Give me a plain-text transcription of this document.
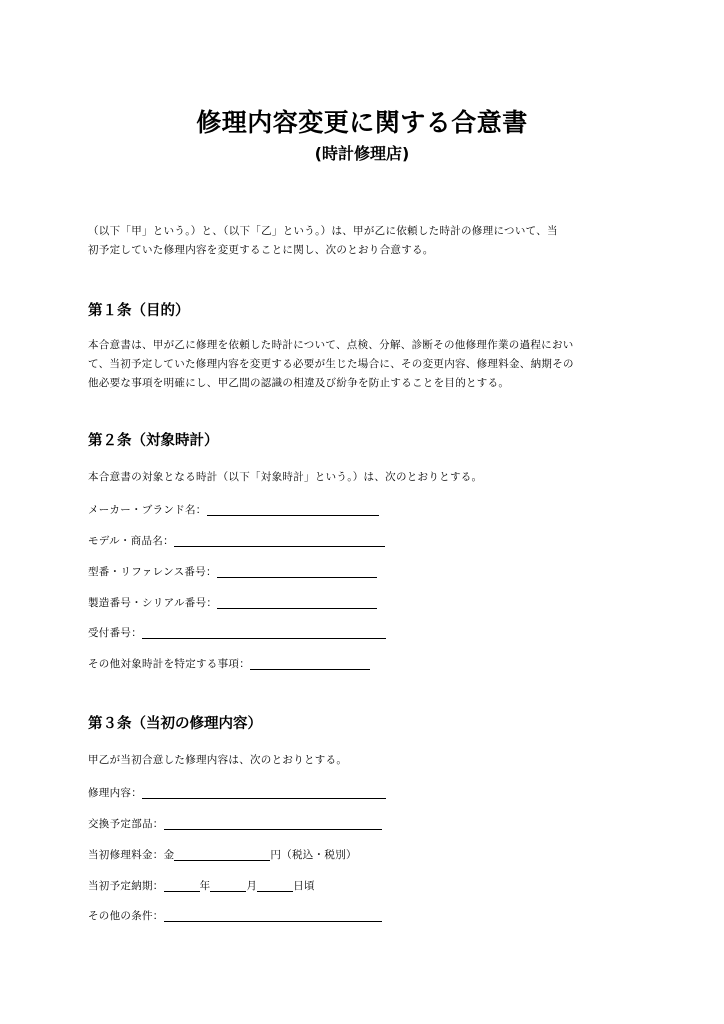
修理内容変更に関する合意書
(時計修理店)
（以下「甲」という。）と、（以下「乙」という。）は、甲が乙に依頼した時計の修理について、当
初予定していた修理内容を変更することに関し、次のとおり合意する。
第１条（目的）
本合意書は、甲が乙に修理を依頼した時計について、点検、分解、診断その他修理作業の過程におい
て、当初予定していた修理内容を変更する必要が生じた場合に、その変更内容、修理料金、納期その
他必要な事項を明確にし、甲乙間の認識の相違及び紛争を防止することを目的とする。
第２条（対象時計）
本合意書の対象となる時計（以下「対象時計」という。）は、次のとおりとする。
メーカー・ブランド名：
モデル・商品名：
型番・リファレンス番号：
製造番号・シリアル番号：
受付番号：
その他対象時計を特定する事項：
第３条（当初の修理内容）
甲乙が当初合意した修理内容は、次のとおりとする。
修理内容：
交換予定部品：
当初修理料金：金	円（税込・税別）
当初予定納期：	年	月	日頃
その他の条件：
